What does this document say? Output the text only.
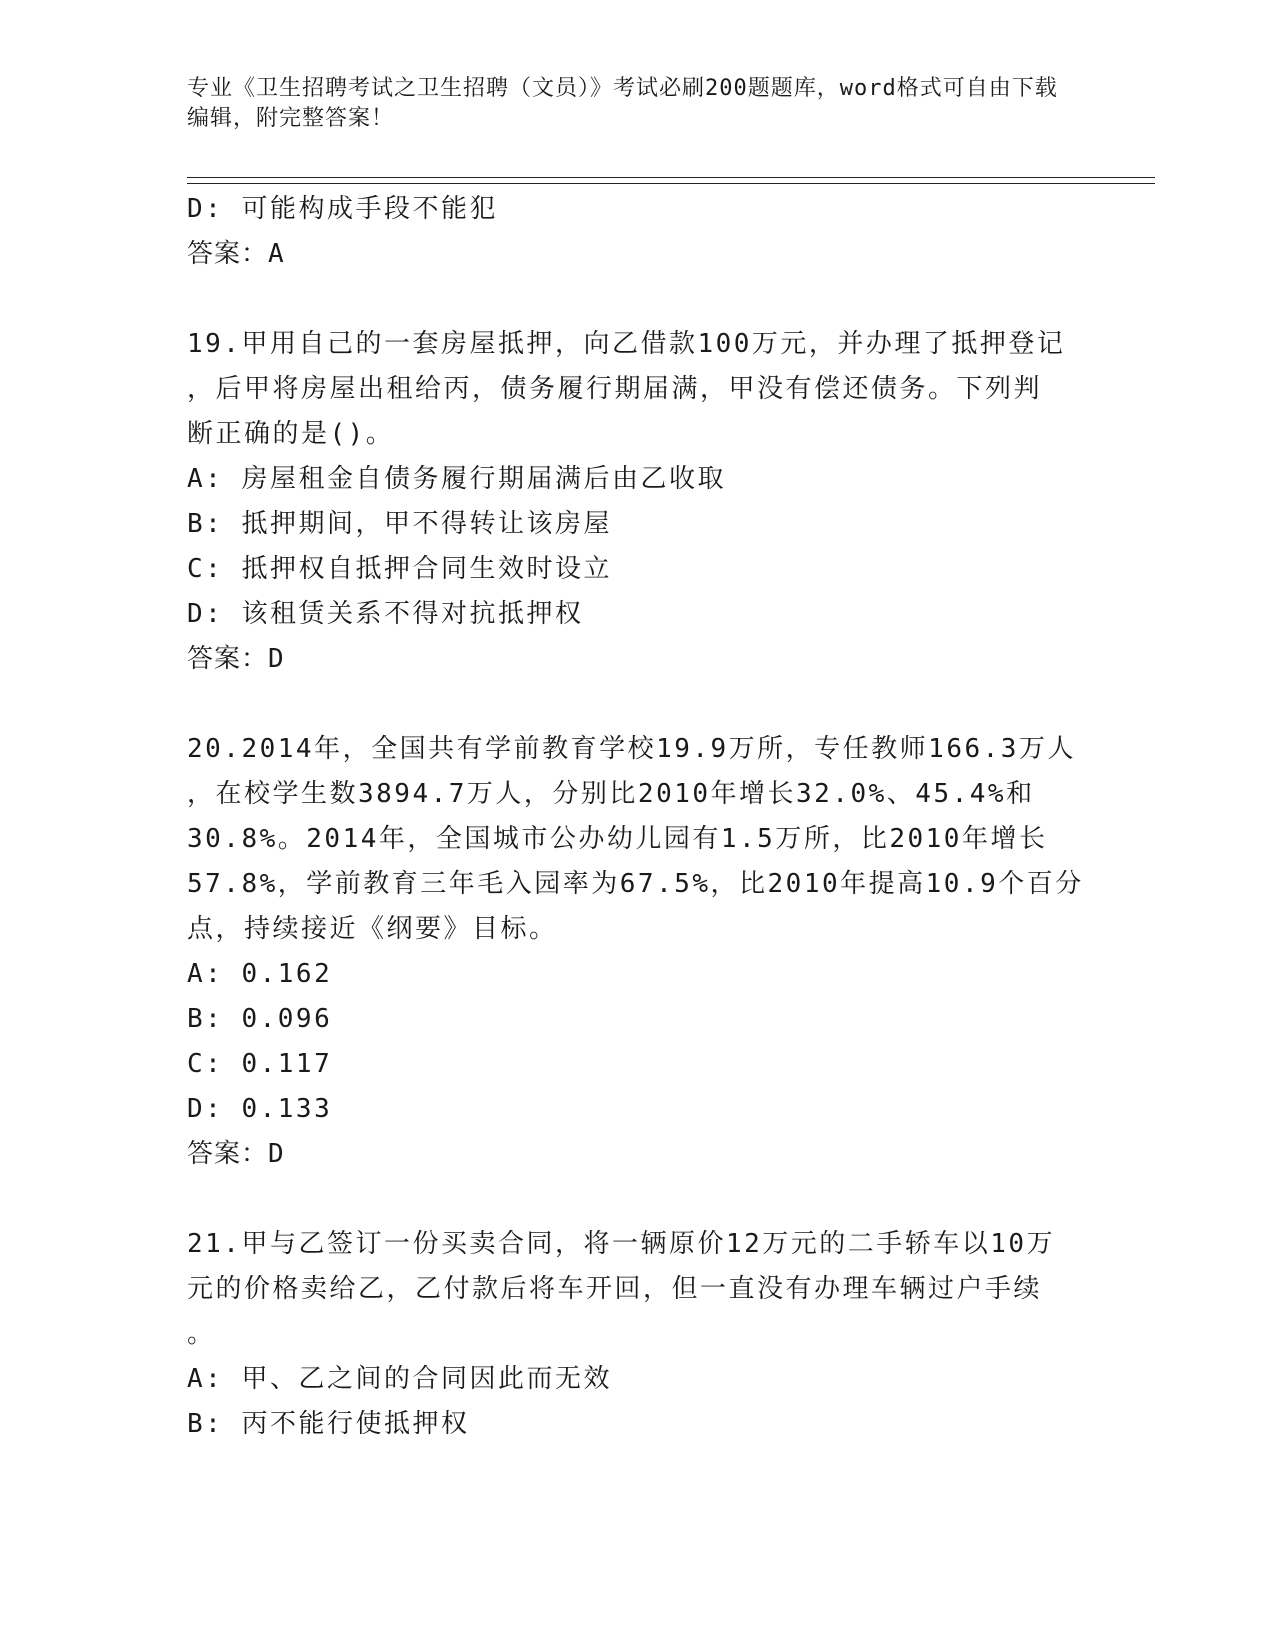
专业《卫生招聘考试之卫生招聘（文员）》考试必刷200题题库，word格式可自由下载编辑，附完整答案！
D: 可能构成手段不能犯
答案：A
19.甲用自己的一套房屋抵押，向乙借款100万元，并办理了抵押登记
，后甲将房屋出租给丙，债务履行期届满，甲没有偿还债务。下列判
断正确的是()。
A: 房屋租金自债务履行期届满后由乙收取
B: 抵押期间，甲不得转让该房屋
C: 抵押权自抵押合同生效时设立
D: 该租赁关系不得对抗抵押权
答案：D
20.2014年，全国共有学前教育学校19.9万所，专任教师166.3万人
，在校学生数3894.7万人，分别比2010年增长32.0%、45.4%和
30.8%。2014年，全国城市公办幼儿园有1.5万所，比2010年增长
57.8%，学前教育三年毛入园率为67.5%，比2010年提高10.9个百分
点，持续接近《纲要》目标。
A: 0.162
B: 0.096
C: 0.117
D: 0.133
答案：D
21.甲与乙签订一份买卖合同，将一辆原价12万元的二手轿车以10万
元的价格卖给乙，乙付款后将车开回，但一直没有办理车辆过户手续
。
A: 甲、乙之间的合同因此而无效
B: 丙不能行使抵押权
